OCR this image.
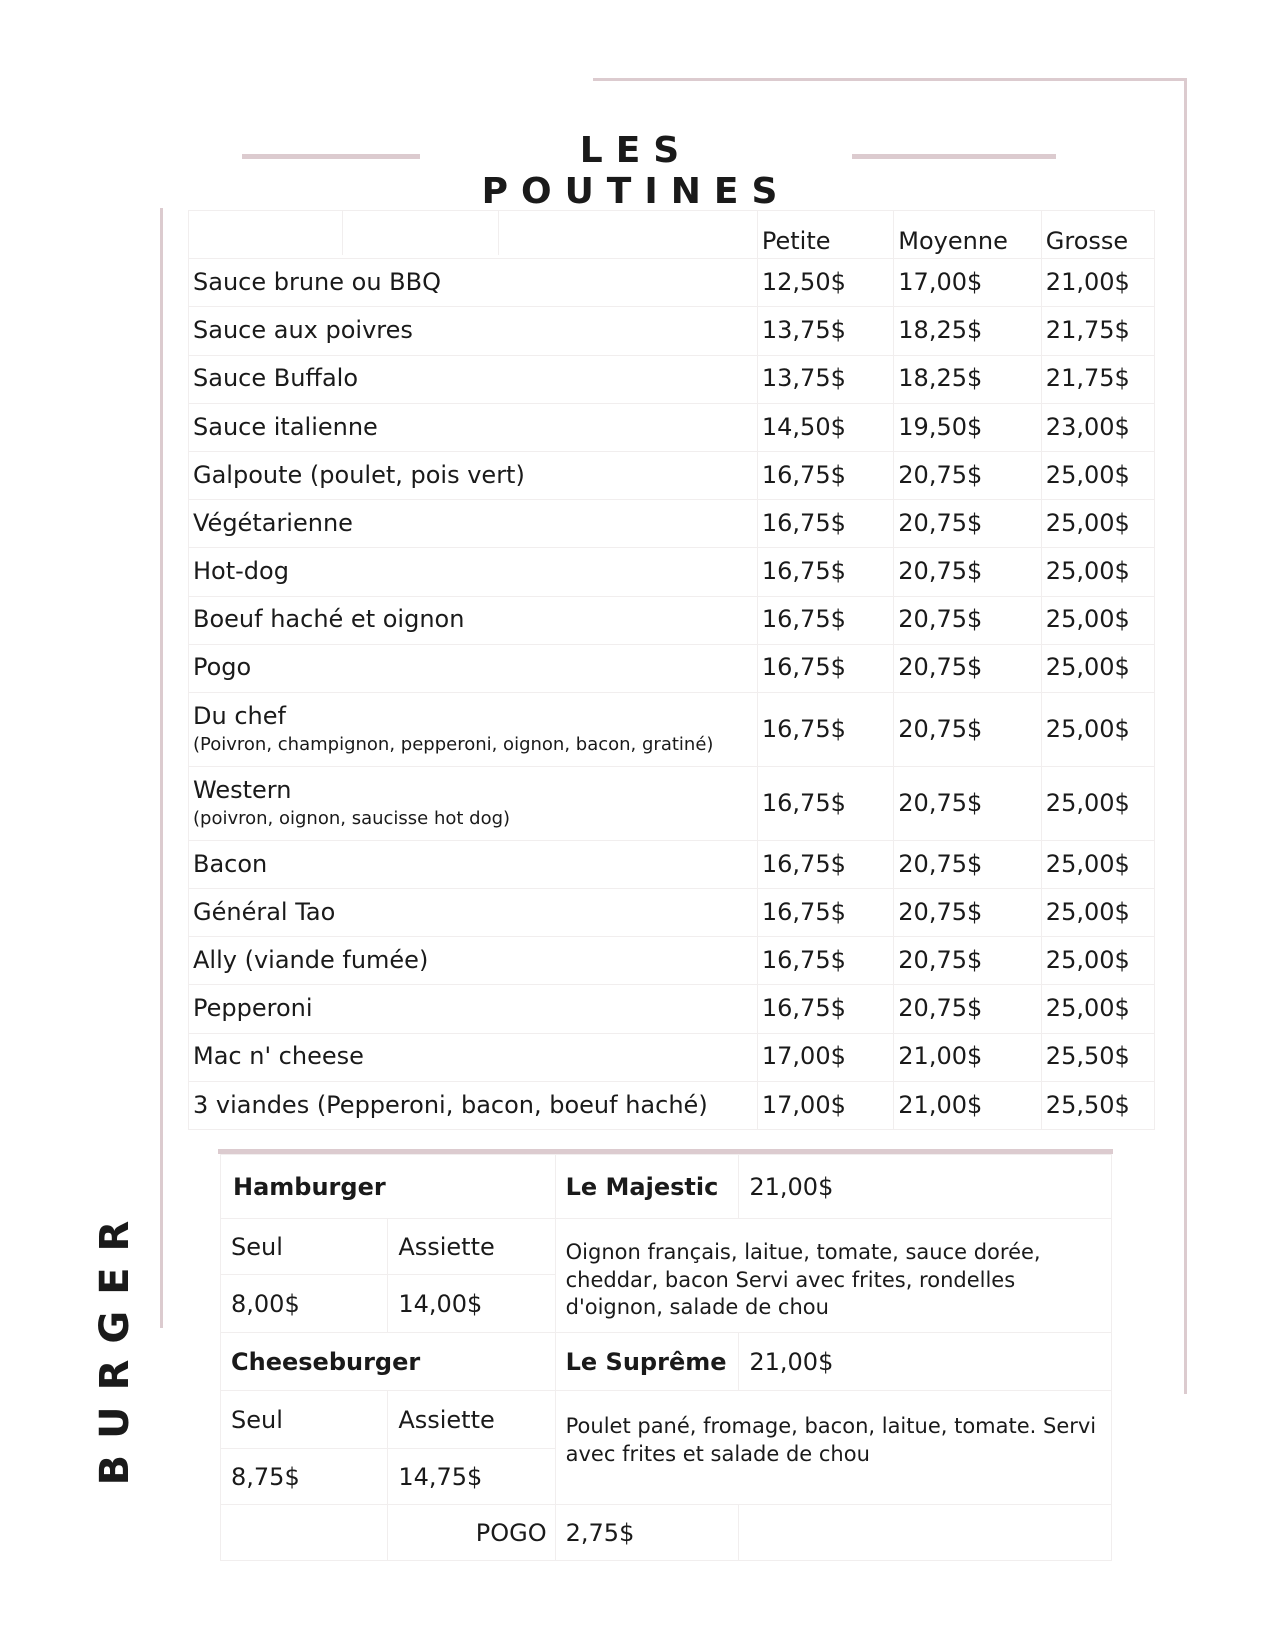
LES POUTINES
	Petite	Moyenne	Grosse
Sauce brune ou BBQ	12,50$	17,00$	21,00$
Sauce aux poivres	13,75$	18,25$	21,75$
Sauce Buffalo	13,75$	18,25$	21,75$
Sauce italienne	14,50$	19,50$	23,00$
Galpoute (poulet, pois vert)	16,75$	20,75$	25,00$
Végétarienne	16,75$	20,75$	25,00$
Hot-dog	16,75$	20,75$	25,00$
Boeuf haché et oignon	16,75$	20,75$	25,00$
Pogo	16,75$	20,75$	25,00$
Du chef
(Poivron, champignon, pepperoni, oignon, bacon, gratiné)	16,75$	20,75$	25,00$
Western
(poivron, oignon, saucisse hot dog)	16,75$	20,75$	25,00$
Bacon	16,75$	20,75$	25,00$
Général Tao	16,75$	20,75$	25,00$
Ally (viande fumée)	16,75$	20,75$	25,00$
Pepperoni	16,75$	20,75$	25,00$
Mac n' cheese	17,00$	21,00$	25,50$
3 viandes (Pepperoni, bacon, boeuf haché)	17,00$	21,00$	25,50$
Hamburger		Le Majestic	21,00$
Seul	Assiette	Oignon français, laitue, tomate, sauce dorée, cheddar, bacon Servi avec frites, rondelles d'oignon, salade de chou	
8,00$	14,00$		
Cheeseburger		Le Suprême	21,00$
Seul	Assiette	Poulet pané, fromage, bacon, laitue, tomate. Servi avec frites et salade de chou	
8,75$	14,75$		
	POGO	2,75$	
BURGER
